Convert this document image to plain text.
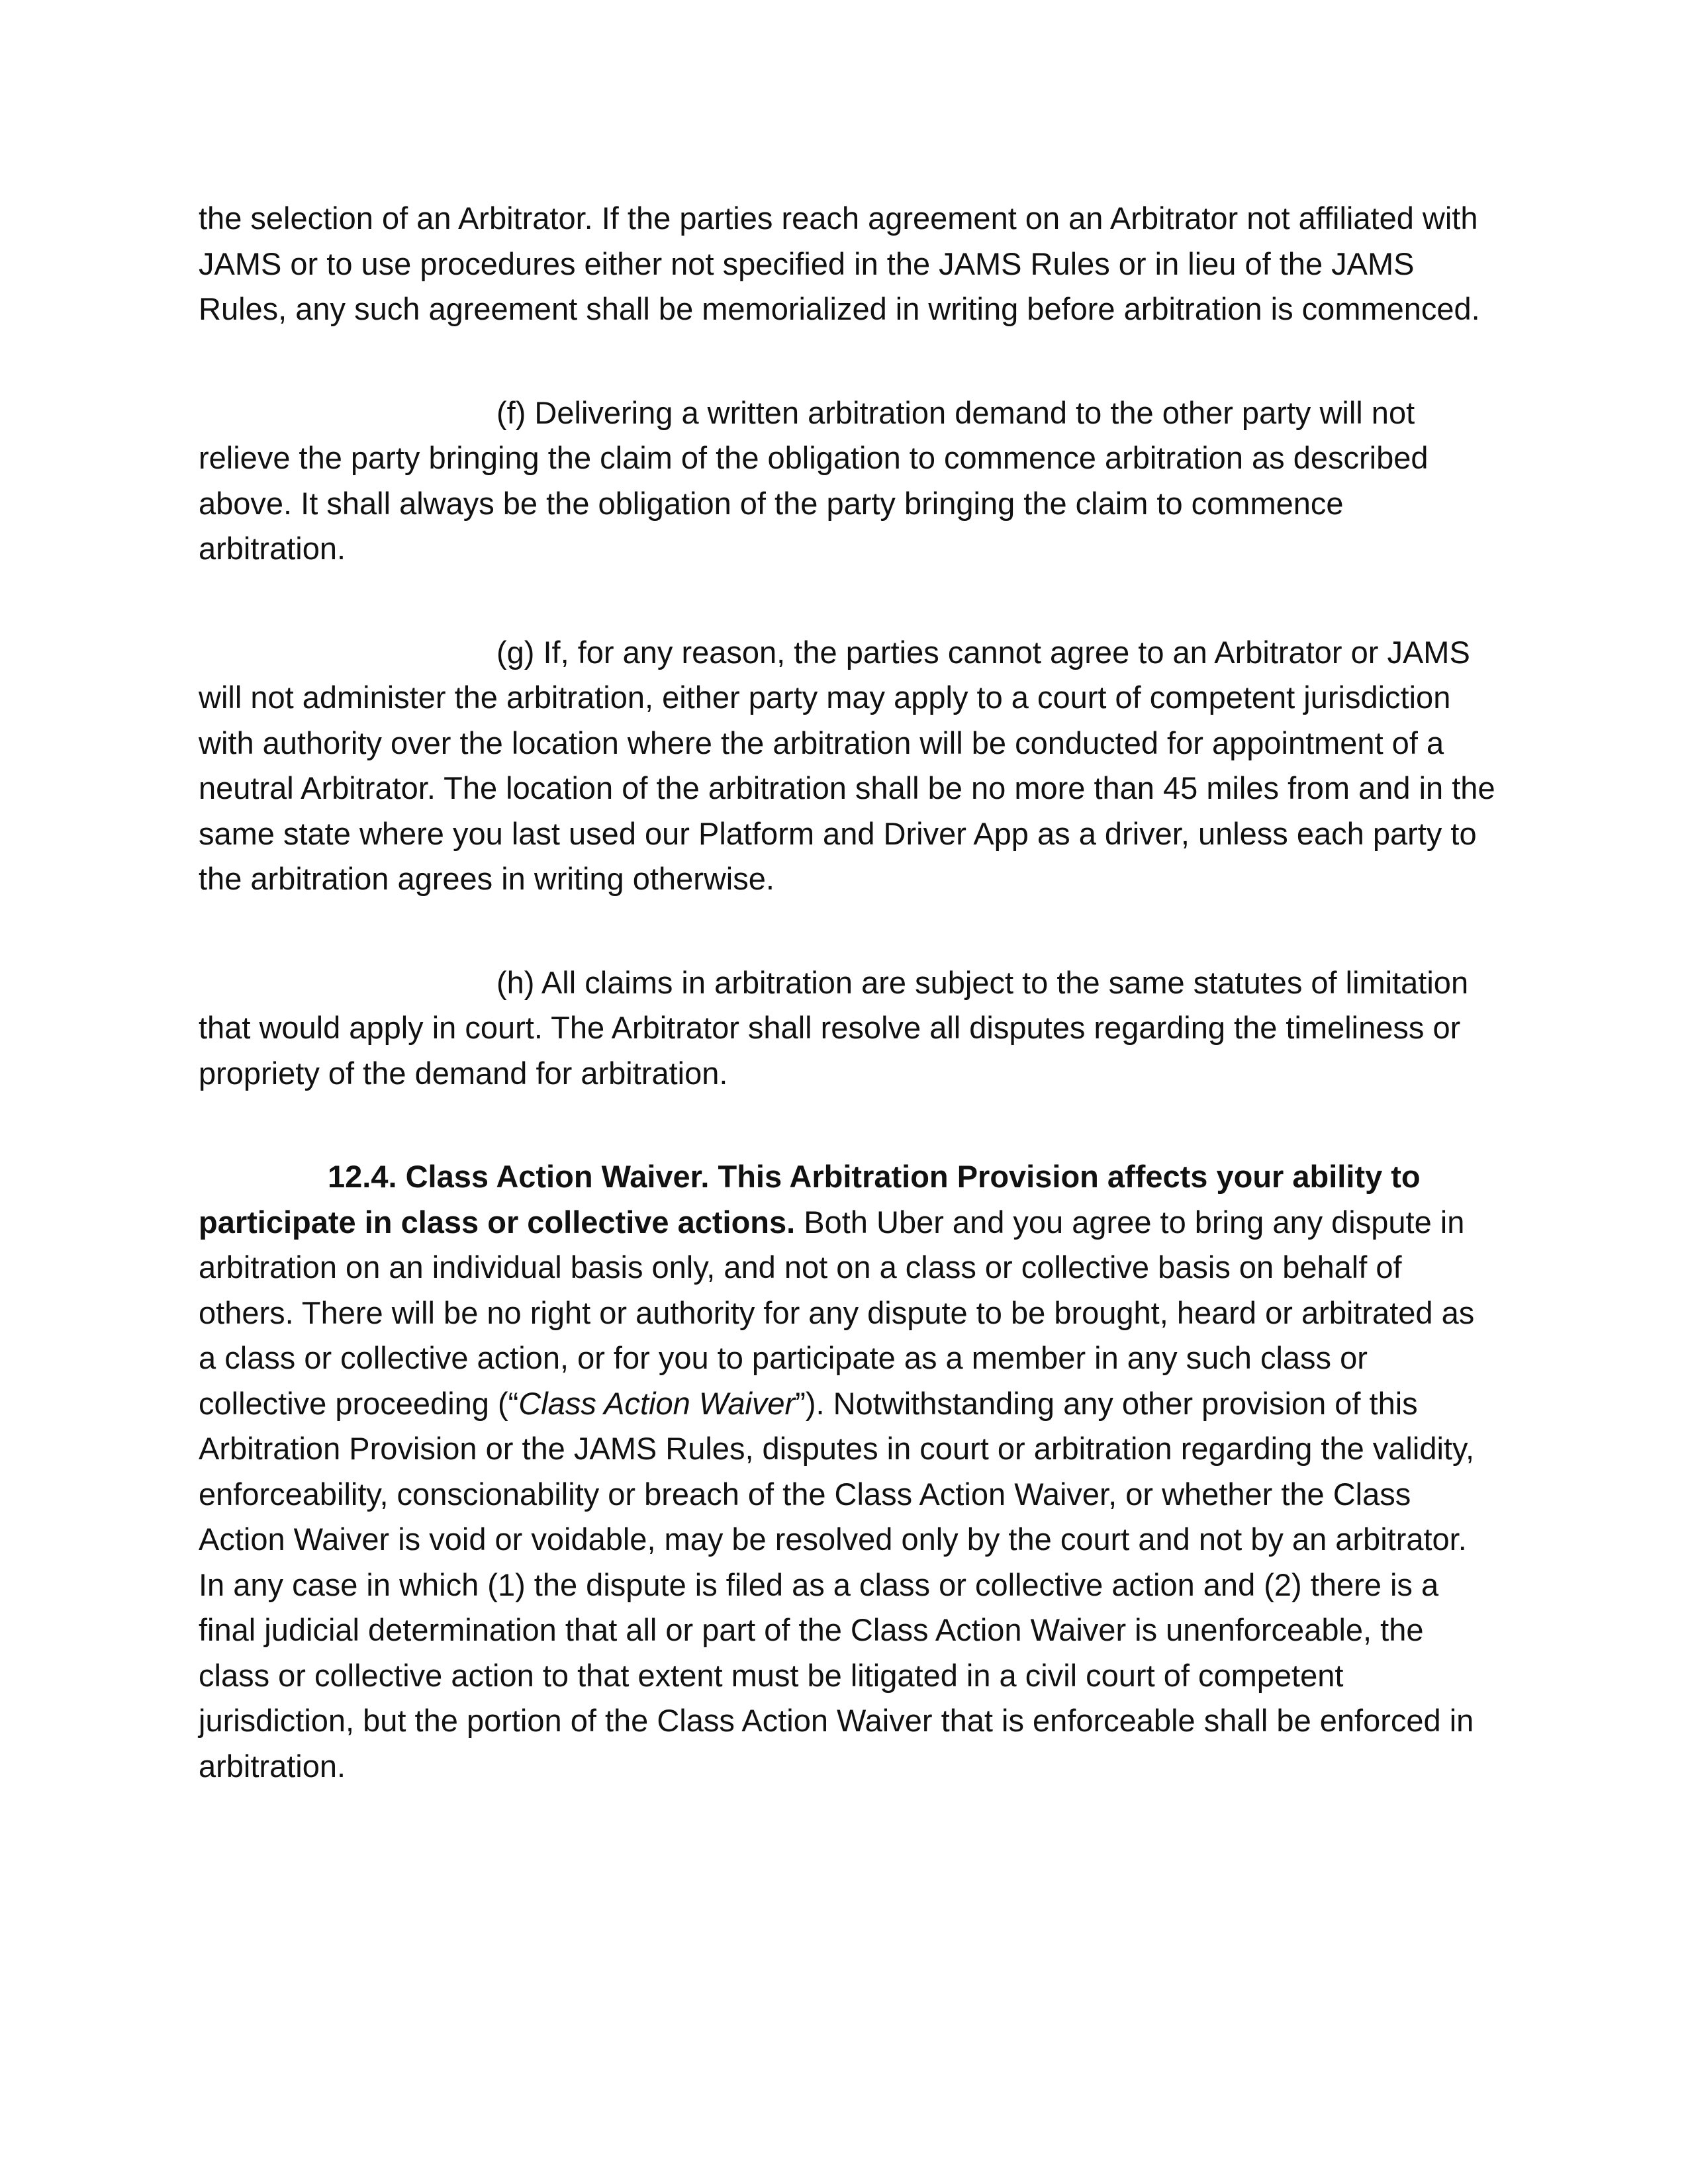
the selection of an Arbitrator. If the parties reach agreement on an Arbitrator not affiliated with JAMS or to use procedures either not specified in the JAMS Rules or in lieu of the JAMS Rules, any such agreement shall be memorialized in writing before arbitration is commenced.

(f) Delivering a written arbitration demand to the other party will not relieve the party bringing the claim of the obligation to commence arbitration as described above. It shall always be the obligation of the party bringing the claim to commence arbitration.

(g) If, for any reason, the parties cannot agree to an Arbitrator or JAMS will not administer the arbitration, either party may apply to a court of competent jurisdiction with authority over the location where the arbitration will be conducted for appointment of a neutral Arbitrator. The location of the arbitration shall be no more than 45 miles from and in the same state where you last used our Platform and Driver App as a driver, unless each party to the arbitration agrees in writing otherwise.

(h) All claims in arbitration are subject to the same statutes of limitation that would apply in court. The Arbitrator shall resolve all disputes regarding the timeliness or propriety of the demand for arbitration.

12.4. Class Action Waiver. This Arbitration Provision affects your ability to participate in class or collective actions. Both Uber and you agree to bring any dispute in arbitration on an individual basis only, and not on a class or collective basis on behalf of others. There will be no right or authority for any dispute to be brought, heard or arbitrated as a class or collective action, or for you to participate as a member in any such class or collective proceeding (“Class Action Waiver”). Notwithstanding any other provision of this Arbitration Provision or the JAMS Rules, disputes in court or arbitration regarding the validity, enforceability, conscionability or breach of the Class Action Waiver, or whether the Class Action Waiver is void or voidable, may be resolved only by the court and not by an arbitrator. In any case in which (1) the dispute is filed as a class or collective action and (2) there is a final judicial determination that all or part of the Class Action Waiver is unenforceable, the class or collective action to that extent must be litigated in a civil court of competent jurisdiction, but the portion of the Class Action Waiver that is enforceable shall be enforced in arbitration.
